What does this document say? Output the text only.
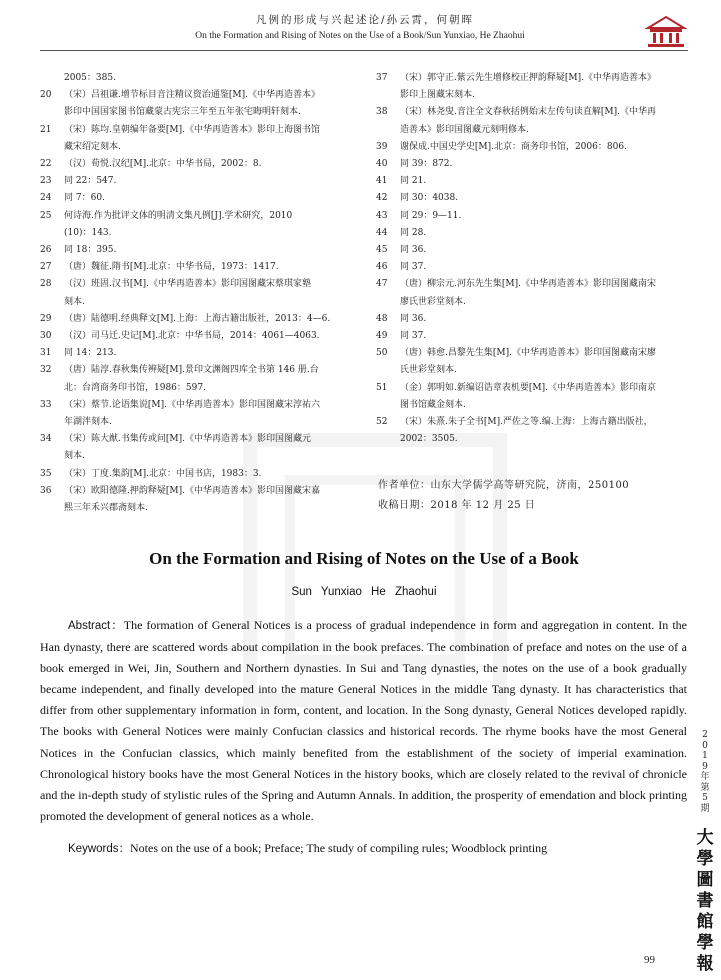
凡例的形成与兴起述论/孙云霄，何朝晖
On the Formation and Rising of Notes on the Use of a Book/Sun Yunxiao, He Zhaohui
2005：385.
20	（宋）吕祖谦.增节标目音注精议资治通鉴[M].《中华再造善本》
影印中国国家图书馆藏蒙古宪宗三年至五年张宅晦明轩刻本.
21	（宋）陈均.皇朝编年备要[M].《中华再造善本》影印上海图书馆
藏宋绍定刻本.
22	（汉）荀悦.汉纪[M].北京：中华书局，2002：8.
23	同 22：547.
24	同 7：60.
25	何诗海.作为批评文体的明清文集凡例[J].学术研究，2010
(10)：143.
26	同 18：395.
27	（唐）魏征.隋书[M].北京：中华书局，1973：1417.
28	（汉）班固.汉书[M].《中华再造善本》影印国图藏宋蔡琪家塾
刻本.
29	（唐）陆德明.经典释文[M].上海：上海古籍出版社，2013：4—6.
30	（汉）司马迁.史记[M].北京：中华书局，2014：4061—4063.
31	同 14：213.
32	（唐）陆淳.春秋集传辨疑[M].景印文渊阁四库全书第 146 册.台
北：台湾商务印书馆，1986：597.
33	（宋）蔡节.论语集说[M].《中华再造善本》影印国图藏宋淳祐六
年湖泮刻本.
34	（宋）陈大猷.书集传或问[M].《中华再造善本》影印国图藏元
刻本.
35	（宋）丁度.集韵[M].北京：中国书店，1983：3.
36	（宋）欧阳德隆.押韵释疑[M].《中华再造善本》影印国图藏宋嘉
熙三年禾兴郡斋刻本.
37	（宋）郭守正.紫云先生增修校正押韵释疑[M].《中华再造善本》
影印上图藏宋刻本.
38	（宋）林尧叟.音注全文春秋括例始末左传句读直解[M].《中华再
造善本》影印国图藏元刻明修本.
39	谢保成.中国史学史[M].北京：商务印书馆，2006：806.
40	同 39：872.
41	同 21.
42	同 30：4038.
43	同 29：9—11.
44	同 28.
45	同 36.
46	同 37.
47	（唐）柳宗元.河东先生集[M].《中华再造善本》影印国图藏南宋
廖氏世彩堂刻本.
48	同 36.
49	同 37.
50	（唐）韩愈.昌黎先生集[M].《中华再造善本》影印国图藏南宋廖
氏世彩堂刻本.
51	（金）郭明如.新编诏诰章表机要[M].《中华再造善本》影印南京
图书馆藏金刻本.
52	（宋）朱熹.朱子全书[M].严佐之等.编.上海：上海古籍出版社，
2002：3505.
作者单位：山东大学儒学高等研究院，济南，250100
收稿日期：2018 年 12 月 25 日
On the Formation and Rising of Notes on the Use of a Book
Sun Yunxiao He Zhaohui

Abstract：The formation of General Notices is a process of gradual independence in form and aggregation in content. In the Han dynasty, there are scattered words about compilation in the book prefaces. The combination of preface and notes on the use of a book emerged in Wei, Jin, Southern and Northern dynasties. In Sui and Tang dynasties, the notes on the use of a book gradually became independent, and finally developed into the mature General Notices in the middle Tang dynasty. It has characteristics that differ from other supplementary information in form, content, and location. In the Song dynasty, General Notices developed rapidly. The books with General Notices were mainly Confucian classics and historical records. The rhyme books have the most General Notices in the Confucian classics, which mainly benefited from the establishment of the society of imperial examination. Chronological history books have the most General Notices in the history books, which are closely related to the revival of chronicle and the in-depth study of stylistic rules of the Spring and Autumn Annals. In addition, the prosperity of emendation and block printing promoted the development of general notices as a whole.

Keywords：Notes on the use of a book; Preface; The study of compiling rules; Woodblock printing
2
0
1
9
年
第
5
期
大
學
圖
書
館
學
報
99
